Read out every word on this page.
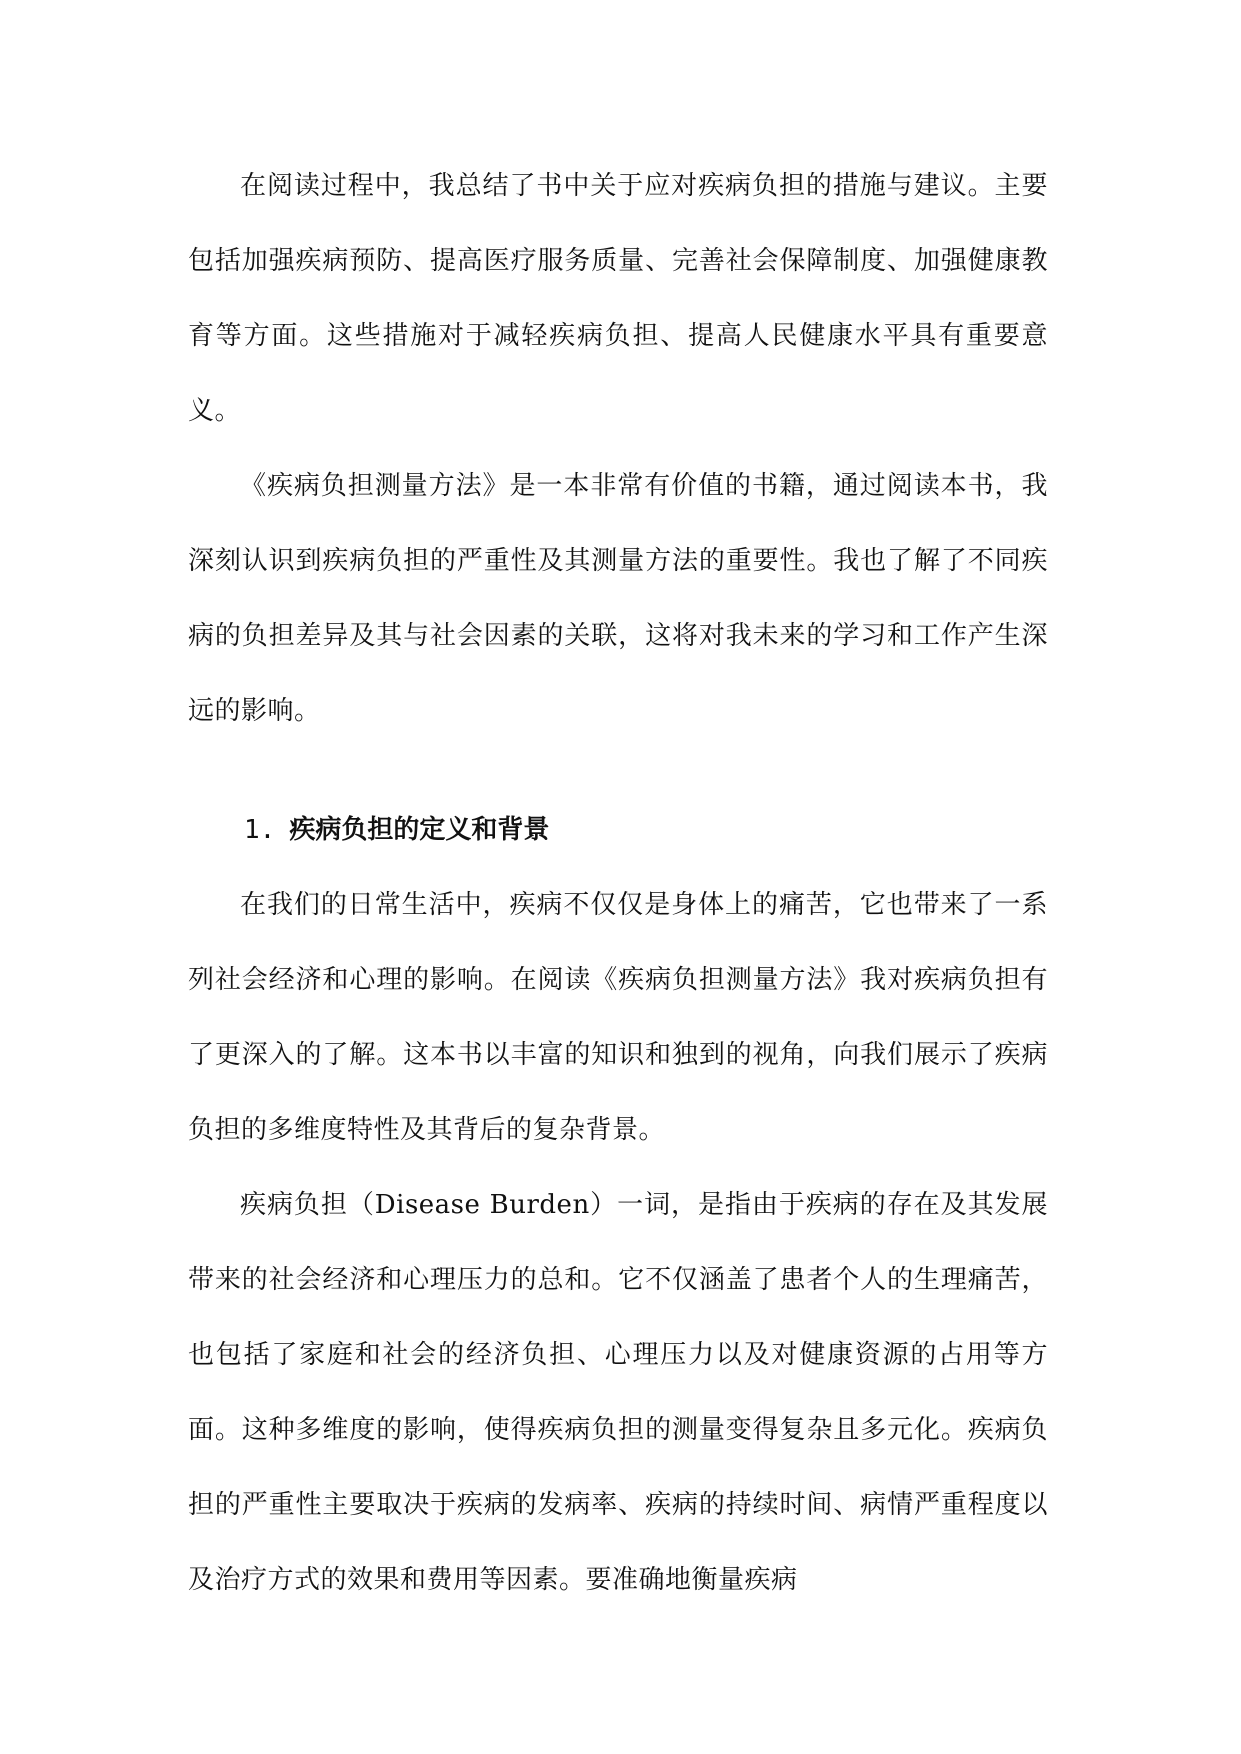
在阅读过程中，我总结了书中关于应对疾病负担的措施与建议。主要包括加强疾病预防、提高医疗服务质量、完善社会保障制度、加强健康教育等方面。这些措施对于减轻疾病负担、提高人民健康水平具有重要意义。

《疾病负担测量方法》是一本非常有价值的书籍，通过阅读本书，我深刻认识到疾病负担的严重性及其测量方法的重要性。我也了解了不同疾病的负担差异及其与社会因素的关联，这将对我未来的学习和工作产生深远的影响。

1. 疾病负担的定义和背景

在我们的日常生活中，疾病不仅仅是身体上的痛苦，它也带来了一系列社会经济和心理的影响。在阅读《疾病负担测量方法》我对疾病负担有了更深入的了解。这本书以丰富的知识和独到的视角，向我们展示了疾病负担的多维度特性及其背后的复杂背景。

疾病负担（Disease Burden）一词，是指由于疾病的存在及其发展带来的社会经济和心理压力的总和。它不仅涵盖了患者个人的生理痛苦，也包括了家庭和社会的经济负担、心理压力以及对健康资源的占用等方面。这种多维度的影响，使得疾病负担的测量变得复杂且多元化。疾病负担的严重性主要取决于疾病的发病率、疾病的持续时间、病情严重程度以及治疗方式的效果和费用等因素。要准确地衡量疾病
